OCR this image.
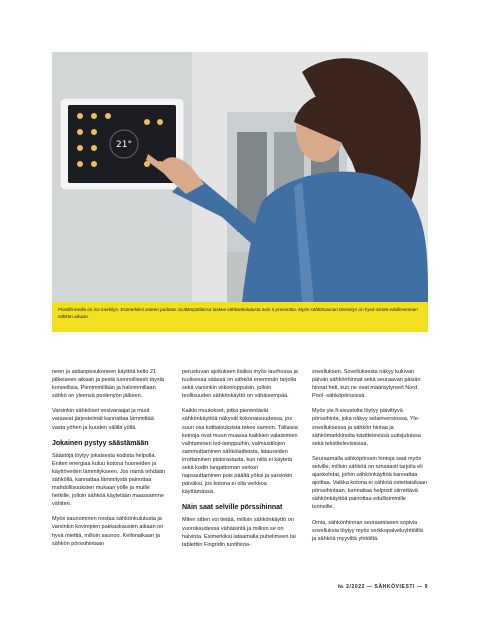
21°

Pienillä teoilla on iso merkitys. Esimerkiksi asteen pudotus sisälämpötilassa laskee sähkönkulutusta noin 5 prosenttia. Myös sähkösaunan lämmitys on hyvä siirtää edullisemman sähkön aikaan.

neen ja astianpesukoneen käyttöä kello 21 jälkeiseen aikaan ja pestä luonnollisesti täysiä koneellisia. Pienimmillään ja halvimmillaan sähkö on yleensä puolenyön jälkeen.

Varsinkin sähköiset vesivaraajat ja muut varaavat järjestelmät kannattaa lämmittää vasta yöhen ja kuuden välillä yöllä.

Jokainen pystyy säästämään

Säästöjä löytyy jokaisesta kodista helpolla. Eniten energiaa kuluu kotona huoneiden ja käyttöveden lämmitykseen. Jos nämä tehdään sähköllä, kannattaa lämmitystä painottaa mahdollisuuksien mukaan yölle ja muille hetkille, jolloin sähköä käytetään maassamme vähiten.

Myös saunominen nostaa sähkönkulutusta ja varsinkin kovimpien pakkaskausien aikaan on hyvä miettiä, milloin saunoo. Kellonaikaan ja sähkön pörssihintaan

perustuvan ajoituksen lisäksi myös laurhossa ja tuulisessa säässä on sähköä enemmän tarjolla sekä varsinkin viikonloppuisin, jolloin teollisuuden sähkönkäyttö on vähäisempää.

Kaikki muutokset, jotka pienentävät sähkönkäyttöä näkyvät kokonaisuudessa, jos suuri osa kotitalouksista tekee samoin. Tällaisia keinoja ovat muun muassa kaikkien valaisimien vaihtaminen led-lamppuihin, valmiustilojen sammuttaminen sähkölaitteista, lataureiden irrottaminen pistorasiasta, kun niitä ei käytetä sekä kodin langattoman verkon napsauttaminen pois päältä yöksi ja varsinkin päiväksi, jos kotona ei olla verkkoa käyttämässä.

Näin saat selville pörssihinnat

Miten sitten voi tietää, milloin sähkönkäyttö on vuorokaudessa vähäisintä ja milloin se on halvinta. Esimerkiksi lataamalla puhelimeen tai tablettiin Fingridin tuntihinta-

sovelluksen. Sovelluksesta näkyy kuluvan päivän sähkönhinnat sekä seuraavan päivän hinnat heti, kun ne ovat määräytyneet Nord Pool -sähköpörssissä.

Myös yle.fi-sivustolta löytyy päivittyvä pörssihinta, joka näkyy selainversiossa, Yle-sovelluksessa ja sähkön hintaa ja sähkömarkkinoita käsittelevissä uutisjutuissa sekä tekstitelevisiossa.

Seuraamalla sähköpörssin hintoja saat myös selville, milloin sähköä on runsaasti tarjolla eli ajankohdat, joihin sähkönkäyttöä kannattaa ajoittaa. Vaikka kotona ei sähköä ostettaisikaan pörssihintaan, kannattaa helposti siirrettävä sähkönkäyttöä painottaa edullisimmille tunneille.

Omia, sähkönhinnan seuraamiseen sopivia sovelluksia löytyy myös verkkopalveluyhtiöiltä ja sähköä myyviltä yhtiöiltä.

№ 2/2022 — SÄHKÖVIESTI — 9
